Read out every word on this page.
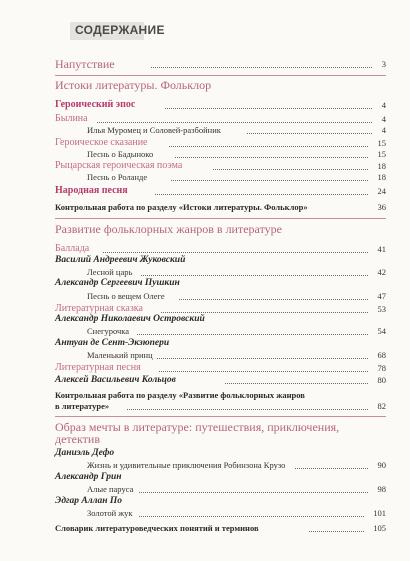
СОДЕРЖАНИЕ
Напутствие	3
Истоки литературы. Фольклор
Героический эпос	4
Былина	4
Илья Муромец и Соловей-разбойник	4
Героическое сказание	15
Песнь о Бадыноко	15
Рыцарская героическая поэма	18
Песнь о Роланде	18
Народная песня	24
Контрольная работа по разделу «Истоки литературы. Фольклор»	36
Развитие фольклорных жанров в литературе
Баллада	41
Василий Андреевич Жуковский
Лесной царь	42
Александр Сергеевич Пушкин
Песнь о вещем Олеге	47
Литературная сказка	53
Александр Николаевич Островский
Снегурочка	54
Антуан де Сент-Экзюпери
Маленький принц	68
Литературная песня	78
Алексей Васильевич Кольцов	80
Контрольная работа по разделу «Развитие фольклорных жанров
в литературе»	82
Образ мечты в литературе: путешествия, приключения,
детектив
Даниэль Дефо
Жизнь и удивительные приключения Робинзона Крузо	90
Александр Грин
Алые паруса	98
Эдгар Аллан По
Золотой жук	101
Словарик литературоведческих понятий и терминов	105
